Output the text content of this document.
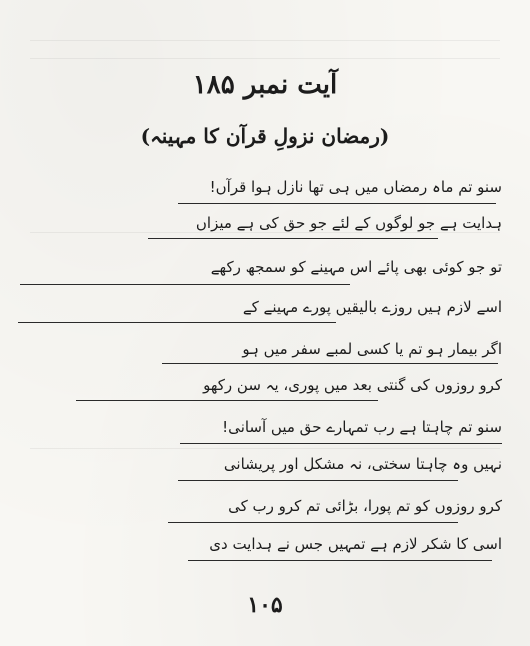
آیت نمبر ۱۸۵
(رمضان نزولِ قرآن کا مہینہ)
سنو تم ماہ رمضاں میں ہی تھا نازل ہوا قرآں!
ہدایت ہے جو لوگوں کے لئے جو حق کی ہے میزاں
تو جو کوئی بھی پائے اس مہینے کو سمجھ رکھے
اسے لازم ہیں روزے بالیقیں پورے مہینے کے
اگر بیمار ہو تم یا کسی لمبے سفر میں ہو
کرو روزوں کی گنتی بعد میں پوری، یہ سن رکھو
سنو تم چاہتا ہے رب تمہارے حق میں آسانی!
نہیں وہ چاہتا سختی، نہ مشکل اور پریشانی
کرو روزوں کو تم پورا، بڑائی تم کرو رب کی
اسی کا شکر لازم ہے تمہیں جس نے ہدایت دی
۱۰۵
